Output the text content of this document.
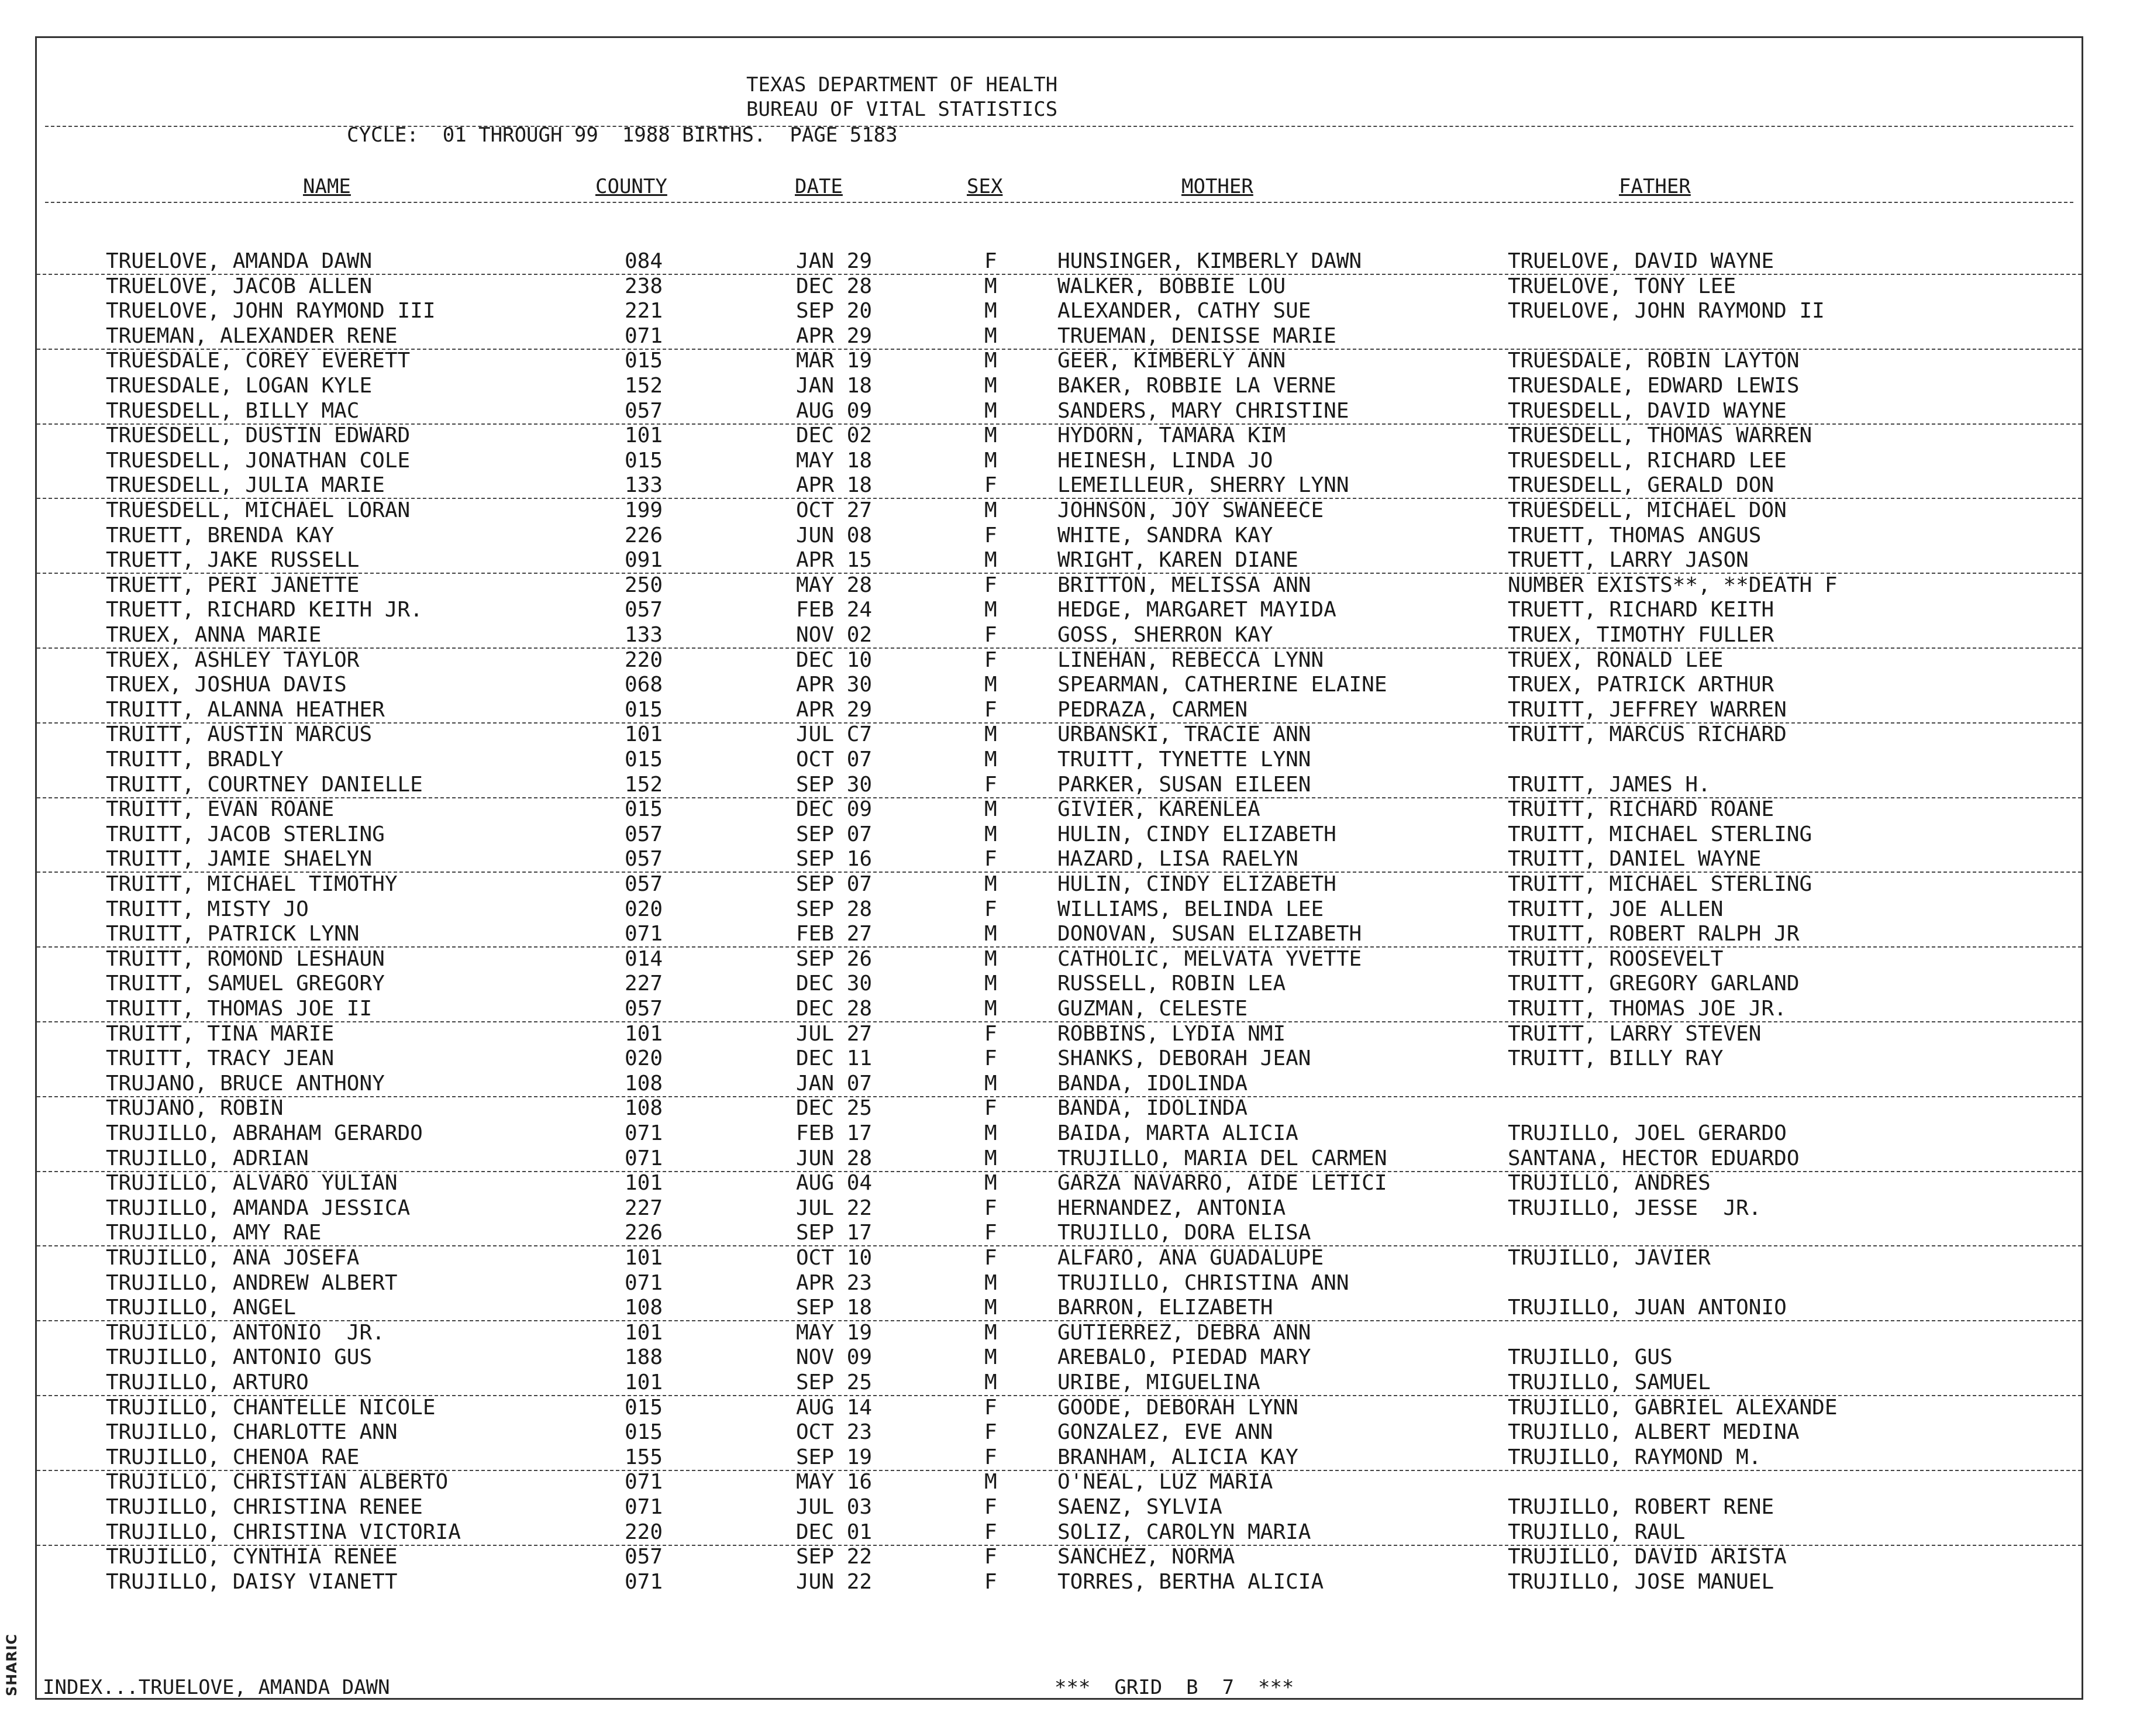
SHARIC
TEXAS DEPARTMENT OF HEALTH
BUREAU OF VITAL STATISTICS
CYCLE:  01 THROUGH 99  1988 BIRTHS.  PAGE 5183
NAME	COUNTY	DATE	SEX	MOTHER	FATHER
TRUELOVE, AMANDA DAWN	084	JAN 29	F	HUNSINGER, KIMBERLY DAWN	TRUELOVE, DAVID WAYNE
TRUELOVE, JACOB ALLEN	238	DEC 28	M	WALKER, BOBBIE LOU	TRUELOVE, TONY LEE
TRUELOVE, JOHN RAYMOND III	221	SEP 20	M	ALEXANDER, CATHY SUE	TRUELOVE, JOHN RAYMOND II
TRUEMAN, ALEXANDER RENE	071	APR 29	M	TRUEMAN, DENISSE MARIE
TRUESDALE, COREY EVERETT	015	MAR 19	M	GEER, KIMBERLY ANN	TRUESDALE, ROBIN LAYTON
TRUESDALE, LOGAN KYLE	152	JAN 18	M	BAKER, ROBBIE LA VERNE	TRUESDALE, EDWARD LEWIS
TRUESDELL, BILLY MAC	057	AUG 09	M	SANDERS, MARY CHRISTINE	TRUESDELL, DAVID WAYNE
TRUESDELL, DUSTIN EDWARD	101	DEC 02	M	HYDORN, TAMARA KIM	TRUESDELL, THOMAS WARREN
TRUESDELL, JONATHAN COLE	015	MAY 18	M	HEINESH, LINDA JO	TRUESDELL, RICHARD LEE
TRUESDELL, JULIA MARIE	133	APR 18	F	LEMEILLEUR, SHERRY LYNN	TRUESDELL, GERALD DON
TRUESDELL, MICHAEL LORAN	199	OCT 27	M	JOHNSON, JOY SWANEECE	TRUESDELL, MICHAEL DON
TRUETT, BRENDA KAY	226	JUN 08	F	WHITE, SANDRA KAY	TRUETT, THOMAS ANGUS
TRUETT, JAKE RUSSELL	091	APR 15	M	WRIGHT, KAREN DIANE	TRUETT, LARRY JASON
TRUETT, PERI JANETTE	250	MAY 28	F	BRITTON, MELISSA ANN	NUMBER EXISTS**, **DEATH F
TRUETT, RICHARD KEITH JR.	057	FEB 24	M	HEDGE, MARGARET MAYIDA	TRUETT, RICHARD KEITH
TRUEX, ANNA MARIE	133	NOV 02	F	GOSS, SHERRON KAY	TRUEX, TIMOTHY FULLER
TRUEX, ASHLEY TAYLOR	220	DEC 10	F	LINEHAN, REBECCA LYNN	TRUEX, RONALD LEE
TRUEX, JOSHUA DAVIS	068	APR 30	M	SPEARMAN, CATHERINE ELAINE	TRUEX, PATRICK ARTHUR
TRUITT, ALANNA HEATHER	015	APR 29	F	PEDRAZA, CARMEN	TRUITT, JEFFREY WARREN
TRUITT, AUSTIN MARCUS	101	JUL C7	M	URBANSKI, TRACIE ANN	TRUITT, MARCUS RICHARD
TRUITT, BRADLY	015	OCT 07	M	TRUITT, TYNETTE LYNN
TRUITT, COURTNEY DANIELLE	152	SEP 30	F	PARKER, SUSAN EILEEN	TRUITT, JAMES H.
TRUITT, EVAN ROANE	015	DEC 09	M	GIVIER, KARENLEA	TRUITT, RICHARD ROANE
TRUITT, JACOB STERLING	057	SEP 07	M	HULIN, CINDY ELIZABETH	TRUITT, MICHAEL STERLING
TRUITT, JAMIE SHAELYN	057	SEP 16	F	HAZARD, LISA RAELYN	TRUITT, DANIEL WAYNE
TRUITT, MICHAEL TIMOTHY	057	SEP 07	M	HULIN, CINDY ELIZABETH	TRUITT, MICHAEL STERLING
TRUITT, MISTY JO	020	SEP 28	F	WILLIAMS, BELINDA LEE	TRUITT, JOE ALLEN
TRUITT, PATRICK LYNN	071	FEB 27	M	DONOVAN, SUSAN ELIZABETH	TRUITT, ROBERT RALPH JR
TRUITT, ROMOND LESHAUN	014	SEP 26	M	CATHOLIC, MELVATA YVETTE	TRUITT, ROOSEVELT
TRUITT, SAMUEL GREGORY	227	DEC 30	M	RUSSELL, ROBIN LEA	TRUITT, GREGORY GARLAND
TRUITT, THOMAS JOE II	057	DEC 28	M	GUZMAN, CELESTE	TRUITT, THOMAS JOE JR.
TRUITT, TINA MARIE	101	JUL 27	F	ROBBINS, LYDIA NMI	TRUITT, LARRY STEVEN
TRUITT, TRACY JEAN	020	DEC 11	F	SHANKS, DEBORAH JEAN	TRUITT, BILLY RAY
TRUJANO, BRUCE ANTHONY	108	JAN 07	M	BANDA, IDOLINDA
TRUJANO, ROBIN	108	DEC 25	F	BANDA, IDOLINDA
TRUJILLO, ABRAHAM GERARDO	071	FEB 17	M	BAIDA, MARTA ALICIA	TRUJILLO, JOEL GERARDO
TRUJILLO, ADRIAN	071	JUN 28	M	TRUJILLO, MARIA DEL CARMEN	SANTANA, HECTOR EDUARDO
TRUJILLO, ALVARO YULIAN	101	AUG 04	M	GARZA NAVARRO, AIDE LETICI	TRUJILLO, ANDRES
TRUJILLO, AMANDA JESSICA	227	JUL 22	F	HERNANDEZ, ANTONIA	TRUJILLO, JESSE  JR.
TRUJILLO, AMY RAE	226	SEP 17	F	TRUJILLO, DORA ELISA
TRUJILLO, ANA JOSEFA	101	OCT 10	F	ALFARO, ANA GUADALUPE	TRUJILLO, JAVIER
TRUJILLO, ANDREW ALBERT	071	APR 23	M	TRUJILLO, CHRISTINA ANN
TRUJILLO, ANGEL	108	SEP 18	M	BARRON, ELIZABETH	TRUJILLO, JUAN ANTONIO
TRUJILLO, ANTONIO  JR.	101	MAY 19	M	GUTIERREZ, DEBRA ANN
TRUJILLO, ANTONIO GUS	188	NOV 09	M	AREBALO, PIEDAD MARY	TRUJILLO, GUS
TRUJILLO, ARTURO	101	SEP 25	M	URIBE, MIGUELINA	TRUJILLO, SAMUEL
TRUJILLO, CHANTELLE NICOLE	015	AUG 14	F	GOODE, DEBORAH LYNN	TRUJILLO, GABRIEL ALEXANDE
TRUJILLO, CHARLOTTE ANN	015	OCT 23	F	GONZALEZ, EVE ANN	TRUJILLO, ALBERT MEDINA
TRUJILLO, CHENOA RAE	155	SEP 19	F	BRANHAM, ALICIA KAY	TRUJILLO, RAYMOND M.
TRUJILLO, CHRISTIAN ALBERTO	071	MAY 16	M	O'NEAL, LUZ MARIA
TRUJILLO, CHRISTINA RENEE	071	JUL 03	F	SAENZ, SYLVIA	TRUJILLO, ROBERT RENE
TRUJILLO, CHRISTINA VICTORIA	220	DEC 01	F	SOLIZ, CAROLYN MARIA	TRUJILLO, RAUL
TRUJILLO, CYNTHIA RENEE	057	SEP 22	F	SANCHEZ, NORMA	TRUJILLO, DAVID ARISTA
TRUJILLO, DAISY VIANETT	071	JUN 22	F	TORRES, BERTHA ALICIA	TRUJILLO, JOSE MANUEL
INDEX...TRUELOVE, AMANDA DAWN	***  GRID  B  7  ***
